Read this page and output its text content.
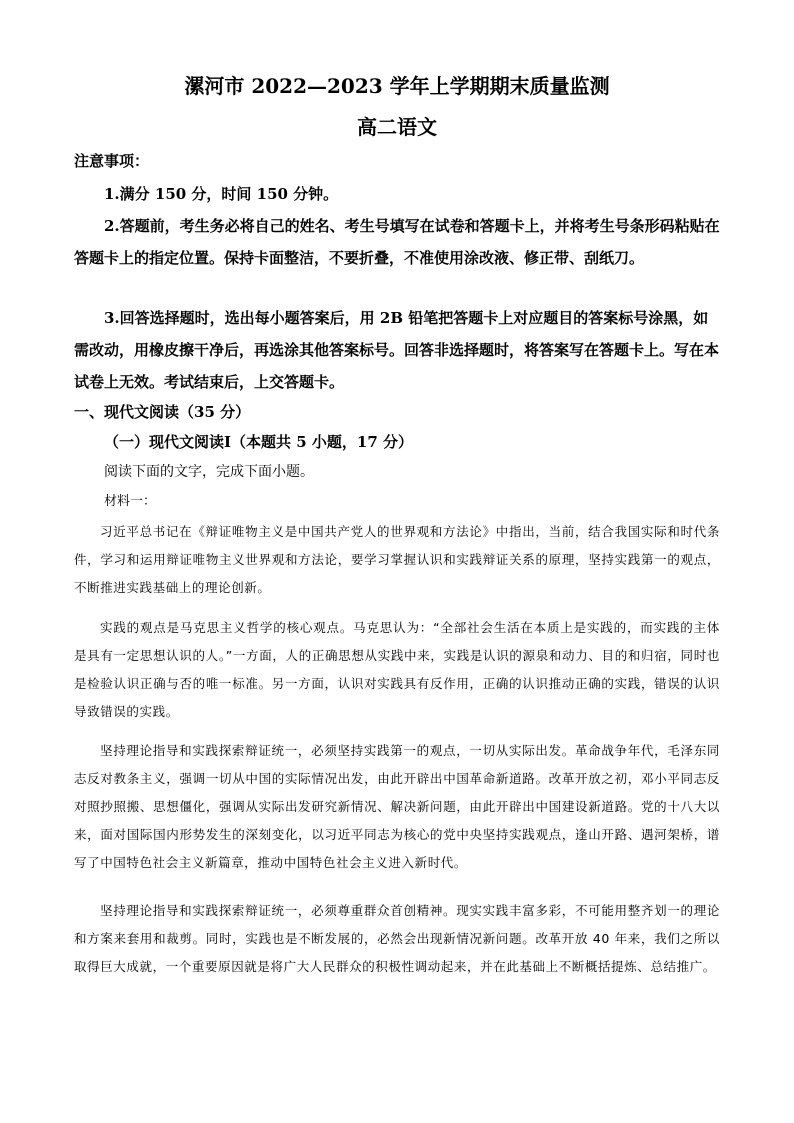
漯河市 2022—2023 学年上学期期末质量监测
高二语文
注意事项：

1.满分 150 分，时间 150 分钟。

2.答题前，考生务必将自己的姓名、考生号填写在试卷和答题卡上，并将考生号条形码粘贴在答题卡上的指定位置。保持卡面整洁，不要折叠，不准使用涂改液、修正带、刮纸刀。

3.回答选择题时，选出每小题答案后，用 2B 铅笔把答题卡上对应题目的答案标号涂黑，如需改动，用橡皮擦干净后，再选涂其他答案标号。回答非选择题时，将答案写在答题卡上。写在本试卷上无效。考试结束后，上交答题卡。

一、现代文阅读（35 分）
（一）现代文阅读Ⅰ（本题共 5 小题，17 分）
阅读下面的文字，完成下面小题。
材料一：

习近平总书记在《辩证唯物主义是中国共产党人的世界观和方法论》中指出，当前，结合我国实际和时代条件，学习和运用辩证唯物主义世界观和方法论，要学习掌握认识和实践辩证关系的原理，坚持实践第一的观点，不断推进实践基础上的理论创新。

实践的观点是马克思主义哲学的核心观点。马克思认为：“全部社会生活在本质上是实践的，而实践的主体是具有一定思想认识的人。”一方面，人的正确思想从实践中来，实践是认识的源泉和动力、目的和归宿，同时也是检验认识正确与否的唯一标准。另一方面，认识对实践具有反作用，正确的认识推动正确的实践，错误的认识导致错误的实践。

坚持理论指导和实践探索辩证统一，必须坚持实践第一的观点，一切从实际出发。革命战争年代，毛泽东同志反对教条主义，强调一切从中国的实际情况出发，由此开辟出中国革命新道路。改革开放之初，邓小平同志反对照抄照搬、思想僵化，强调从实际出发研究新情况、解决新问题，由此开辟出中国建设新道路。党的十八大以来，面对国际国内形势发生的深刻变化，以习近平同志为核心的党中央坚持实践观点，逢山开路、遇河架桥，谱写了中国特色社会主义新篇章，推动中国特色社会主义进入新时代。

坚持理论指导和实践探索辩证统一，必须尊重群众首创精神。现实实践丰富多彩，不可能用整齐划一的理论和方案来套用和裁剪。同时，实践也是不断发展的，必然会出现新情况新问题。改革开放 40 年来，我们之所以取得巨大成就，一个重要原因就是将广大人民群众的积极性调动起来，并在此基础上不断概括提炼、总结推广。
